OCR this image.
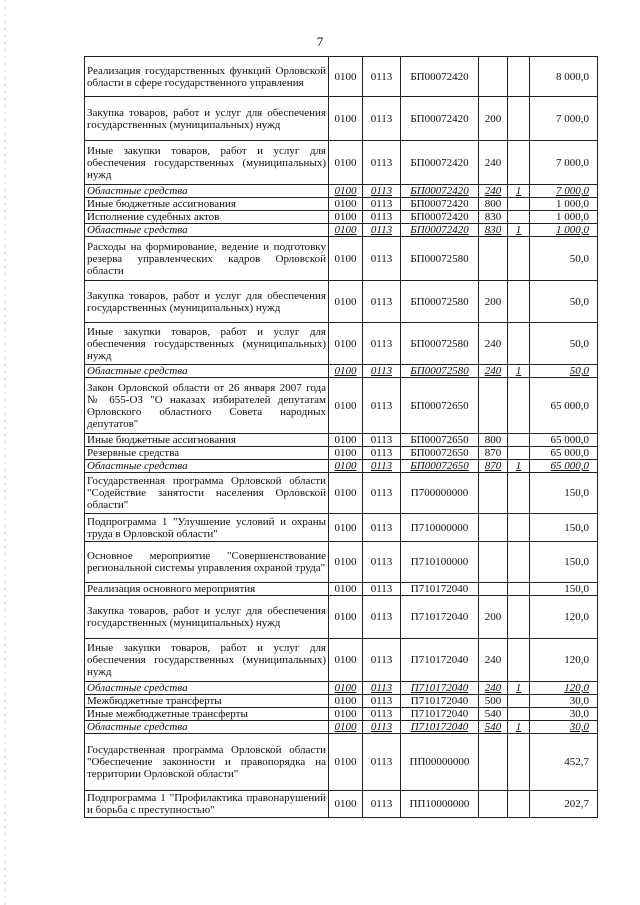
7
Реализация государственных функций Орловской области в сфере государственного управления	0100	0113	БП00072420			8 000,0
Закупка товаров, работ и услуг для обеспечения государственных (муниципальных) нужд	0100	0113	БП00072420	200		7 000,0
Иные закупки товаров, работ и услуг для обеспечения государственных (муниципальных) нужд	0100	0113	БП00072420	240		7 000,0
Областные средства	0100	0113	БП00072420	240	1	7 000,0
Иные бюджетные ассигнования	0100	0113	БП00072420	800		1 000,0
Исполнение судебных актов	0100	0113	БП00072420	830		1 000,0
Областные средства	0100	0113	БП00072420	830	1	1 000,0
Расходы на формирование, ведение и подготовку резерва управленческих кадров Орловской области	0100	0113	БП00072580			50,0
Закупка товаров, работ и услуг для обеспечения государственных (муниципальных) нужд	0100	0113	БП00072580	200		50,0
Иные закупки товаров, работ и услуг для обеспечения государственных (муниципальных) нужд	0100	0113	БП00072580	240		50,0
Областные средства	0100	0113	БП00072580	240	1	50,0
Закон Орловской области от 26 января 2007 года № 655-ОЗ "О наказах избирателей депутатам Орловского областного Совета народных депутатов"	0100	0113	БП00072650			65 000,0
Иные бюджетные ассигнования	0100	0113	БП00072650	800		65 000,0
Резервные средства	0100	0113	БП00072650	870		65 000,0
Областные средства	0100	0113	БП00072650	870	1	65 000,0
Государственная программа Орловской области "Содействие занятости населения Орловской области"	0100	0113	П700000000			150,0
Подпрограмма 1 "Улучшение условий и охраны труда в Орловской области"	0100	0113	П710000000			150,0
Основное мероприятие "Совершенствование региональной системы управления охраной труда"	0100	0113	П710100000			150,0
Реализация основного мероприятия	0100	0113	П710172040			150,0
Закупка товаров, работ и услуг для обеспечения государственных (муниципальных) нужд	0100	0113	П710172040	200		120,0
Иные закупки товаров, работ и услуг для обеспечения государственных (муниципальных) нужд	0100	0113	П710172040	240		120,0
Областные средства	0100	0113	П710172040	240	1	120,0
Межбюджетные трансферты	0100	0113	П710172040	500		30,0
Иные межбюджетные трансферты	0100	0113	П710172040	540		30,0
Областные средства	0100	0113	П710172040	540	1	30,0
Государственная программа Орловской области "Обеспечение законности и правопорядка на территории Орловской области"	0100	0113	ПП00000000			452,7
Подпрограмма 1 "Профилактика правонарушений и борьба с преступностью"	0100	0113	ПП10000000			202,7
